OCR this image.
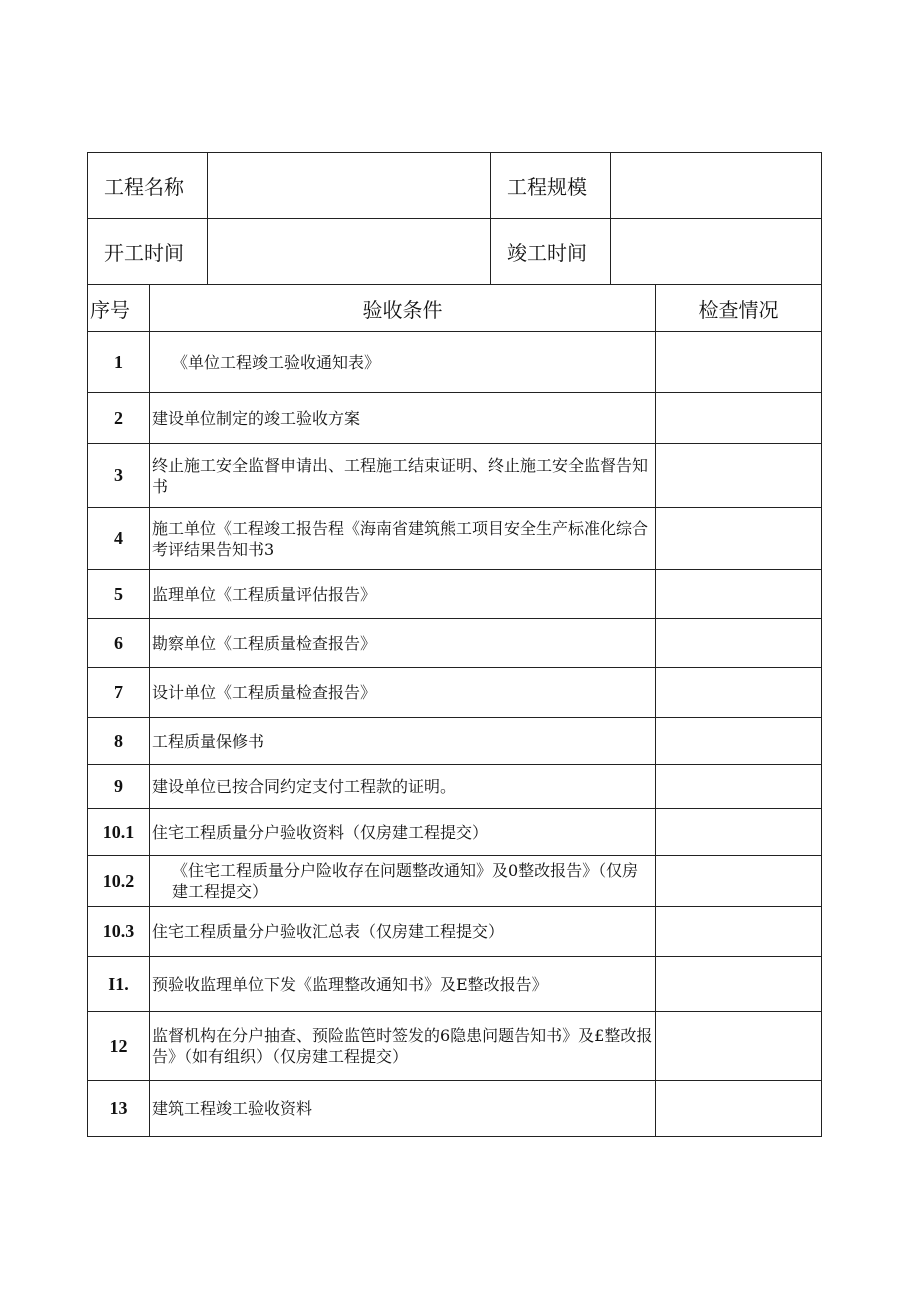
工程名称		工程规模	
开工时间		竣工时间	
序号	验收条件	检查情况
1	《单位工程竣工验收通知表》	
2	建设单位制定的竣工验收方案	
3	终止施工安全监督申请出、工程施工结束证明、终止施工安全监督告知书	
4	施工单位《工程竣工报告程《海南省建筑熊工项目安全生产标准化综合考评结果告知书3	
5	监理单位《工程质量评估报告》	
6	勘察单位《工程质量检查报告》	
7	设计单位《工程质量检查报告》	
8	工程质量保修书	
9	建设单位已按合同约定支付工程款的证明。	
10.1	住宅工程质量分户验收资料（仅房建工程提交）	
10.2	《住宅工程质量分户险收存在问题整改通知》及0整改报告》（仅房建工程提交）	
10.3	住宅工程质量分户验收汇总表（仅房建工程提交）	
I1.	预验收监理单位下发《监理整改通知书》及E整改报告》	
12	监督机构在分户抽查、预险监笆时签发的6隐患问题告知书》及£整改报告》（如有组织）（仅房建工程提交）	
13	建筑工程竣工验收资料	
